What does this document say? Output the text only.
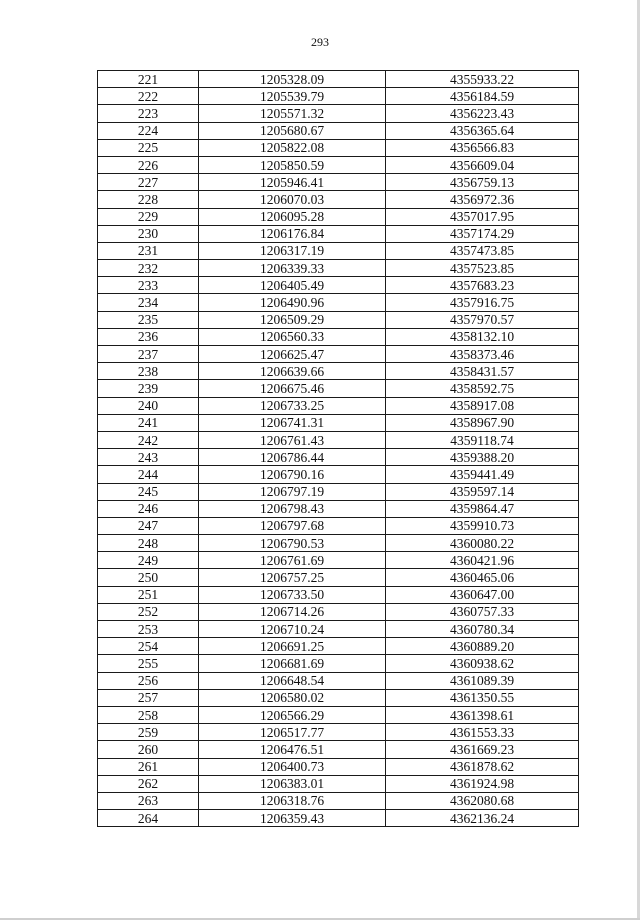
293
221	1205328.09	4355933.22
222	1205539.79	4356184.59
223	1205571.32	4356223.43
224	1205680.67	4356365.64
225	1205822.08	4356566.83
226	1205850.59	4356609.04
227	1205946.41	4356759.13
228	1206070.03	4356972.36
229	1206095.28	4357017.95
230	1206176.84	4357174.29
231	1206317.19	4357473.85
232	1206339.33	4357523.85
233	1206405.49	4357683.23
234	1206490.96	4357916.75
235	1206509.29	4357970.57
236	1206560.33	4358132.10
237	1206625.47	4358373.46
238	1206639.66	4358431.57
239	1206675.46	4358592.75
240	1206733.25	4358917.08
241	1206741.31	4358967.90
242	1206761.43	4359118.74
243	1206786.44	4359388.20
244	1206790.16	4359441.49
245	1206797.19	4359597.14
246	1206798.43	4359864.47
247	1206797.68	4359910.73
248	1206790.53	4360080.22
249	1206761.69	4360421.96
250	1206757.25	4360465.06
251	1206733.50	4360647.00
252	1206714.26	4360757.33
253	1206710.24	4360780.34
254	1206691.25	4360889.20
255	1206681.69	4360938.62
256	1206648.54	4361089.39
257	1206580.02	4361350.55
258	1206566.29	4361398.61
259	1206517.77	4361553.33
260	1206476.51	4361669.23
261	1206400.73	4361878.62
262	1206383.01	4361924.98
263	1206318.76	4362080.68
264	1206359.43	4362136.24
